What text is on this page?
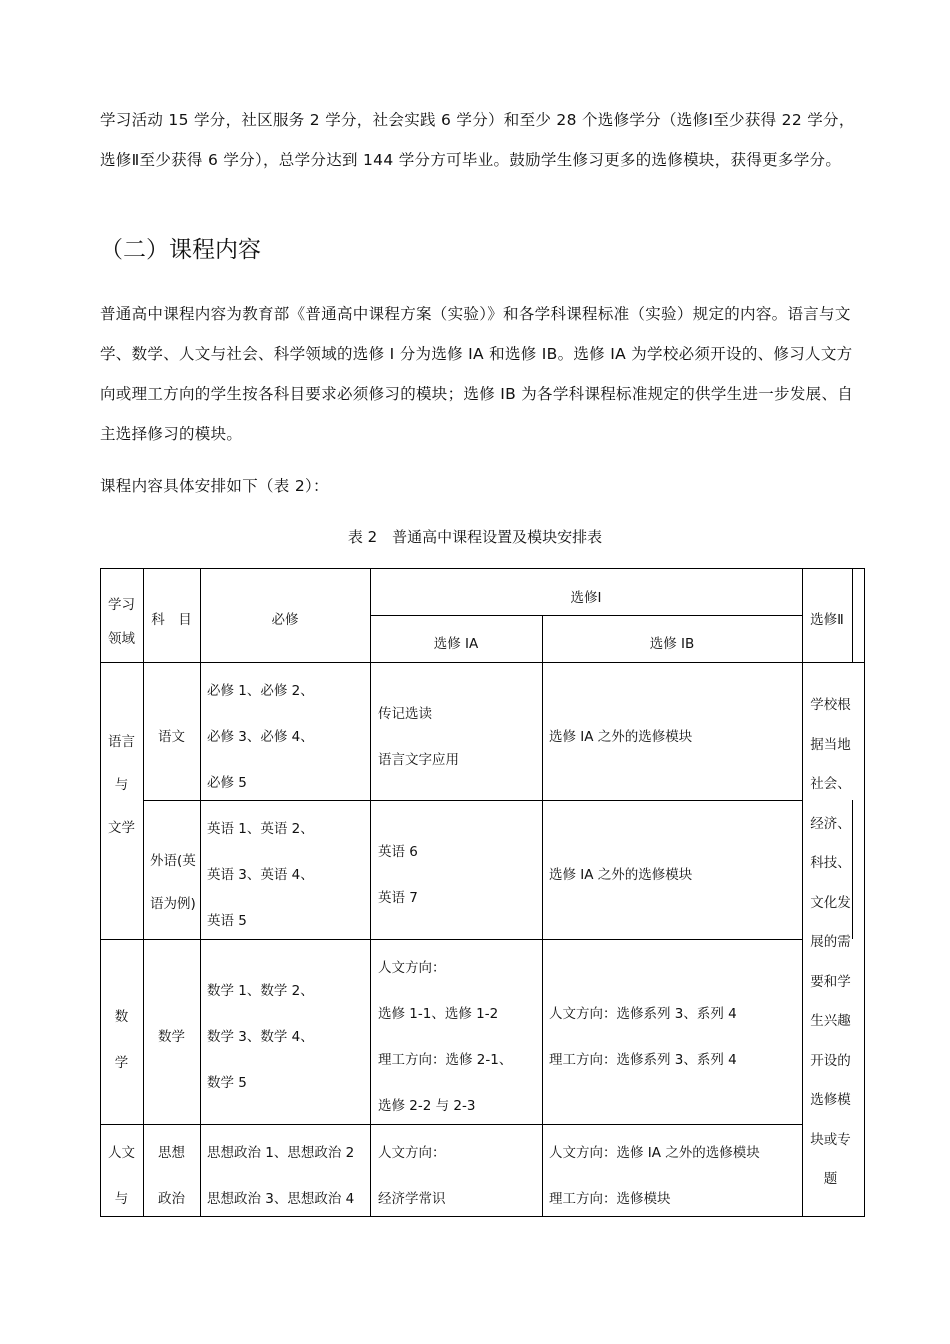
学习活动 15 学分，社区服务 2 学分，社会实践 6 学分）和至少 28 个选修学分（选修Ⅰ至少获得 22 学分，选修Ⅱ至少获得 6 学分），总学分达到 144 学分方可毕业。鼓励学生修习更多的选修模块，获得更多学分。
（二）课程内容
普通高中课程内容为教育部《普通高中课程方案（实验）》和各学科课程标准（实验）规定的内容。语言与文学、数学、人文与社会、科学领域的选修 I 分为选修 IA 和选修 IB。选修 IA 为学校必须开设的、修习人文方向或理工方向的学生按各科目要求必须修习的模块；选修 IB 为各学科课程标准规定的供学生进一步发展、自主选择修习的模块。
课程内容具体安排如下（表 2）：
表 2　普通高中课程设置及模块安排表
学习
领域
科　目	必修
选修Ⅰ
选修 IA	选修 IB
选修Ⅱ
语言
与
文学
语文
必修 1、必修 2、
必修 3、必修 4、
必修 5
传记选读
语言文字应用
选修 IA 之外的选修模块
外语(英
语为例)
英语 1、英语 2、
英语 3、英语 4、
英语 5
英语 6
英语 7
选修 IA 之外的选修模块
数
学
数学
数学 1、数学 2、
数学 3、数学 4、
数学 5
人文方向：
选修 1-1、选修 1-2
理工方向：选修 2-1、
选修 2-2 与 2-3
人文方向：选修系列 3、系列 4
理工方向：选修系列 3、系列 4
人文
与
思想
政治
思想政治 1、思想政治 2
思想政治 3、思想政治 4
人文方向：
经济学常识
人文方向：选修 IA 之外的选修模块
理工方向：选修模块
学校根
据当地
社会、
经济、
科技、
文化发
展的需
要和学
生兴趣
开设的
选修模
块或专
题
